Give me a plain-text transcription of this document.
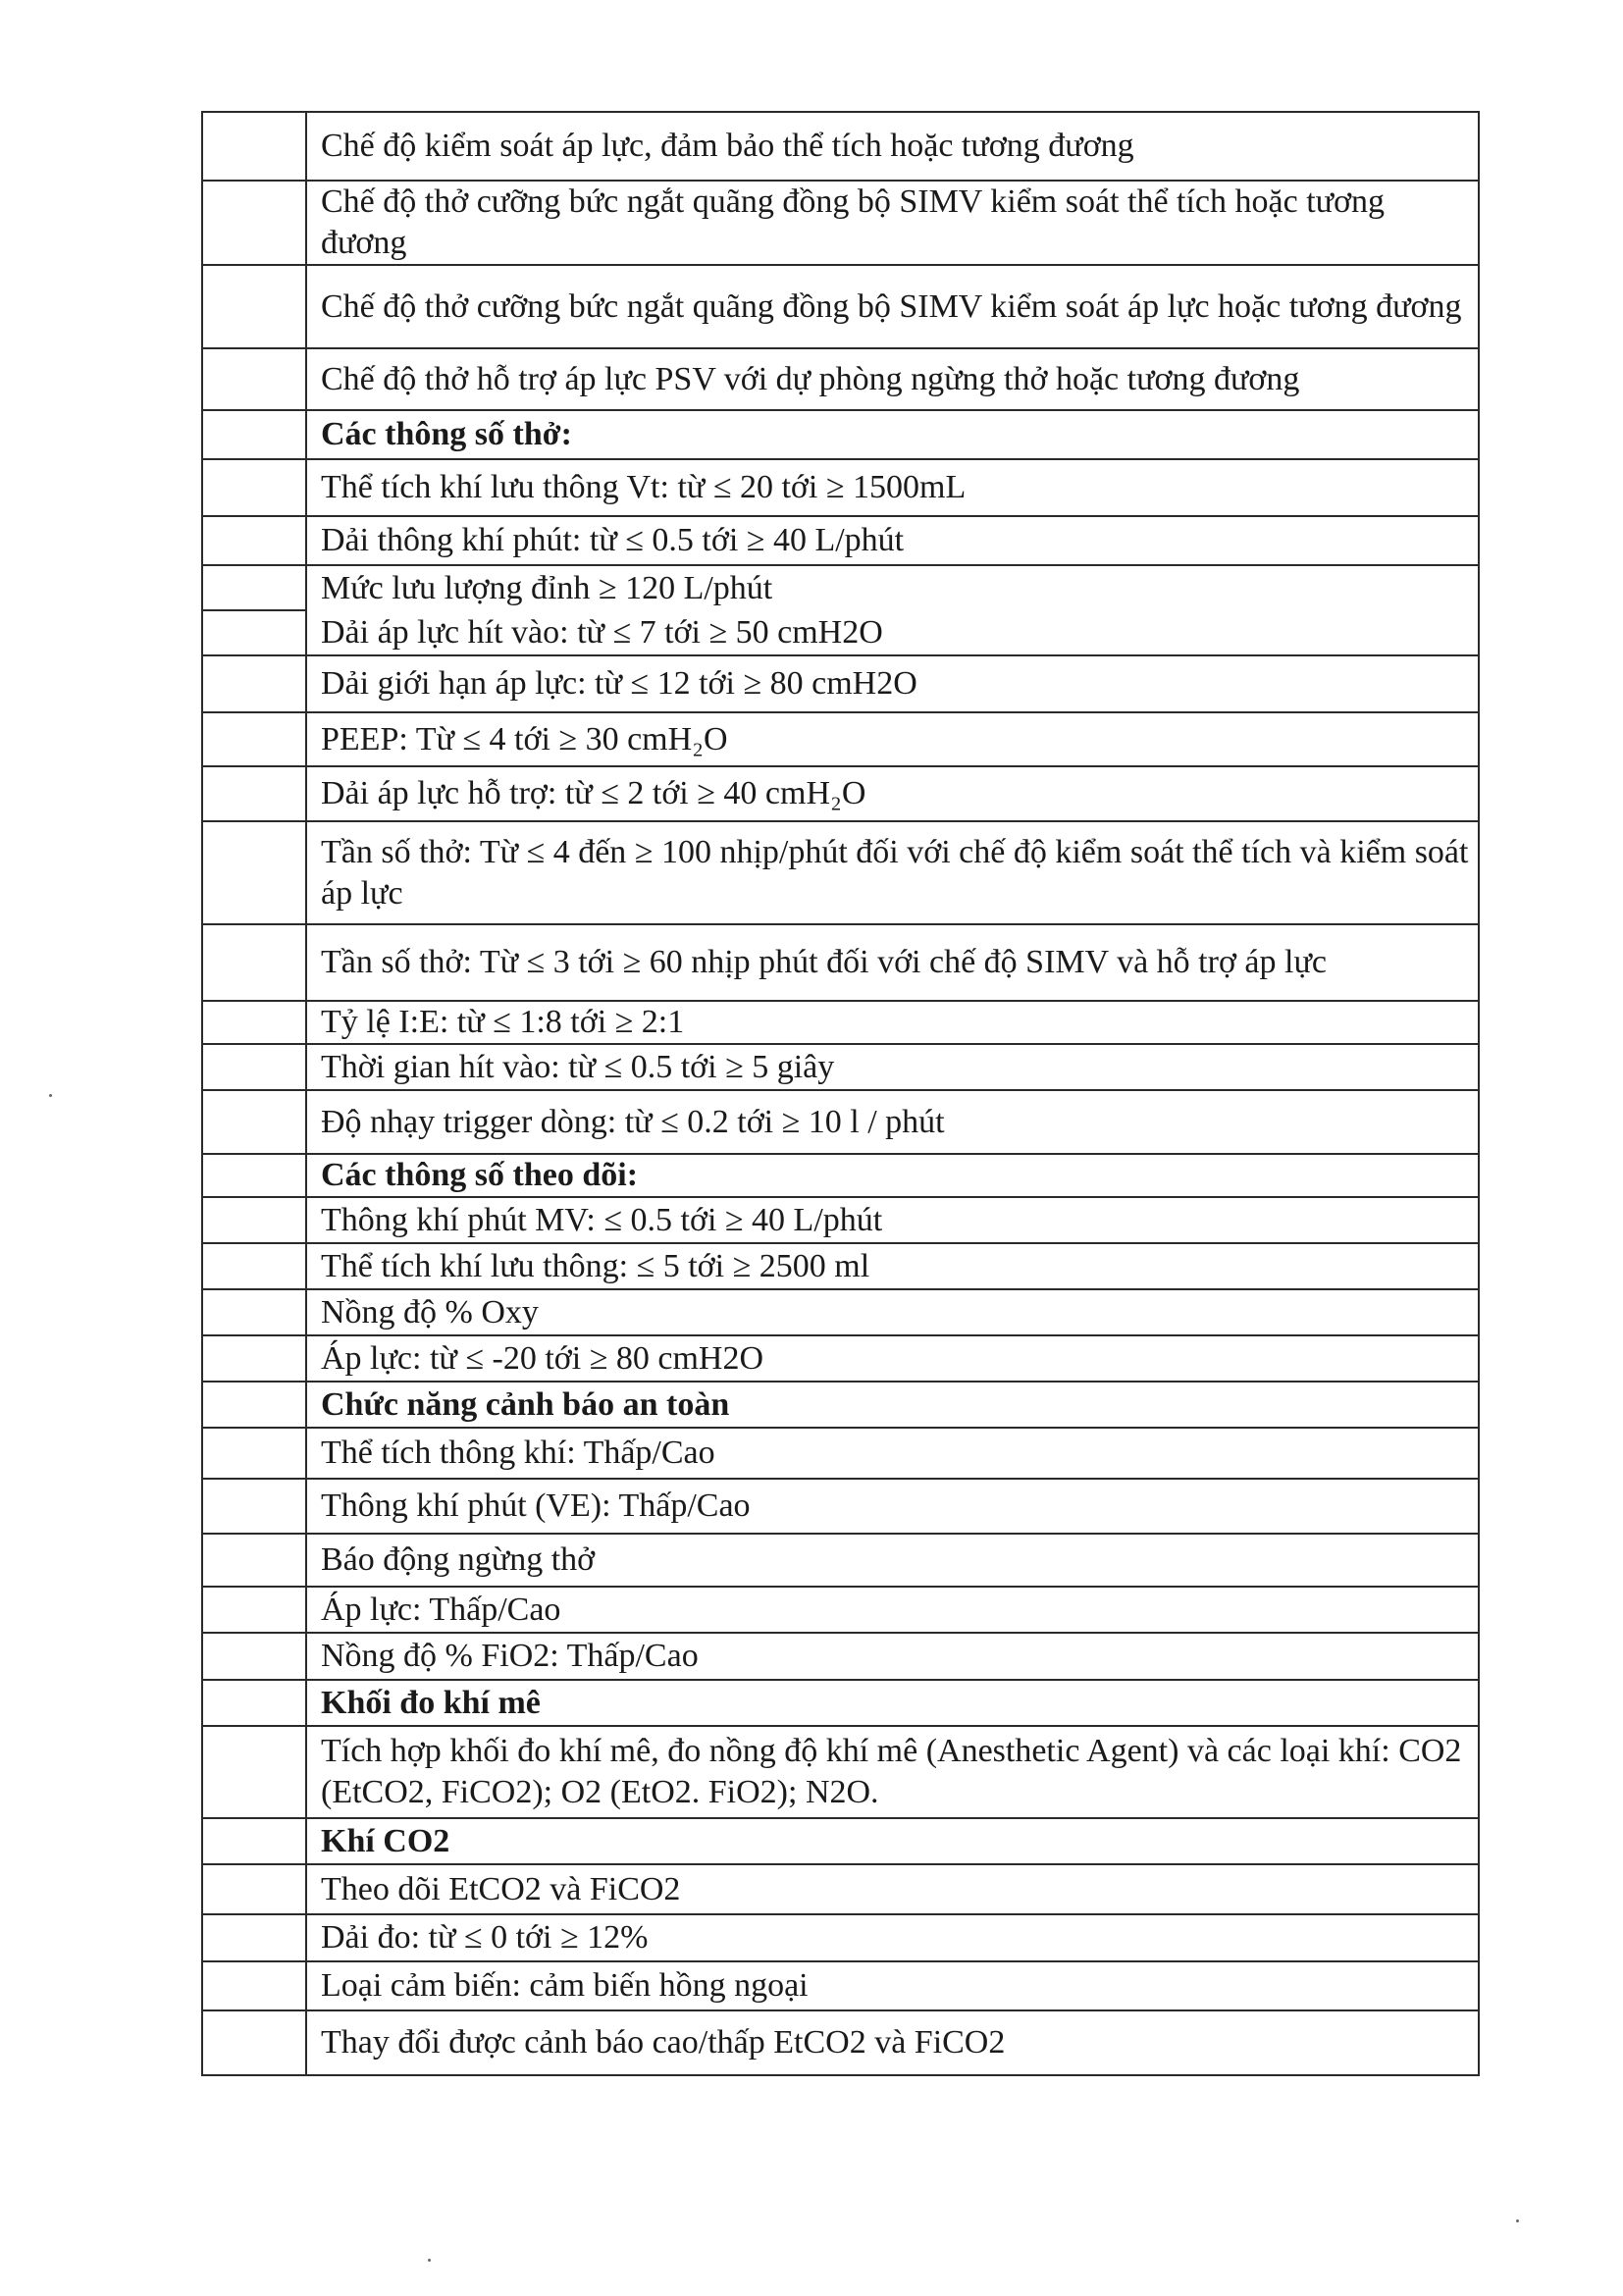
	Chế độ kiểm soát áp lực, đảm bảo thể tích hoặc tương đương
	Chế độ thở cưỡng bức ngắt quãng đồng bộ SIMV kiểm soát thể tích hoặc tương đương
	Chế độ thở cưỡng bức ngắt quãng đồng bộ SIMV kiểm soát áp lực hoặc tương đương
	Chế độ thở hỗ trợ áp lực PSV với dự phòng ngừng thở hoặc tương đương
	Các thông số thở:
	Thể tích khí lưu thông Vt: từ ≤ 20 tới ≥ 1500mL
	Dải thông khí phút: từ ≤ 0.5 tới ≥ 40 L/phút
	Mức lưu lượng đỉnh ≥ 120 L/phút
	Dải áp lực hít vào: từ ≤ 7 tới ≥ 50 cmH2O
	Dải giới hạn áp lực: từ ≤ 12 tới ≥ 80 cmH2O
	PEEP: Từ ≤ 4 tới ≥ 30 cmH₂O
	Dải áp lực hỗ trợ: từ ≤ 2 tới ≥ 40 cmH₂O
	Tần số thở: Từ ≤ 4 đến ≥ 100 nhịp/phút đối với chế độ kiểm soát thể tích và kiểm soát áp lực
	Tần số thở: Từ ≤ 3 tới ≥ 60 nhịp phút đối với chế độ SIMV và hỗ trợ áp lực
	Tỷ lệ I:E: từ ≤ 1:8 tới ≥ 2:1
	Thời gian hít vào: từ ≤ 0.5 tới ≥ 5 giây
	Độ nhạy trigger dòng: từ ≤ 0.2 tới ≥ 10 l / phút
	Các thông số theo dõi:
	Thông khí phút MV: ≤ 0.5 tới ≥ 40 L/phút
	Thể tích khí lưu thông: ≤ 5 tới ≥ 2500 ml
	Nồng độ % Oxy
	Áp lực: từ ≤ -20 tới ≥ 80 cmH2O
	Chức năng cảnh báo an toàn
	Thể tích thông khí: Thấp/Cao
	Thông khí phút (VE): Thấp/Cao
	Báo động ngừng thở
	Áp lực: Thấp/Cao
	Nồng độ % FiO2: Thấp/Cao
	Khối đo khí mê
	Tích hợp khối đo khí mê, đo nồng độ khí mê (Anesthetic Agent) và các loại khí: CO2 (EtCO2, FiCO2); O2 (EtO2. FiO2); N2O.
	Khí CO2
	Theo dõi EtCO2 và FiCO2
	Dải đo: từ ≤ 0 tới ≥ 12%
	Loại cảm biến: cảm biến hồng ngoại
	Thay đổi được cảnh báo cao/thấp EtCO2 và FiCO2
